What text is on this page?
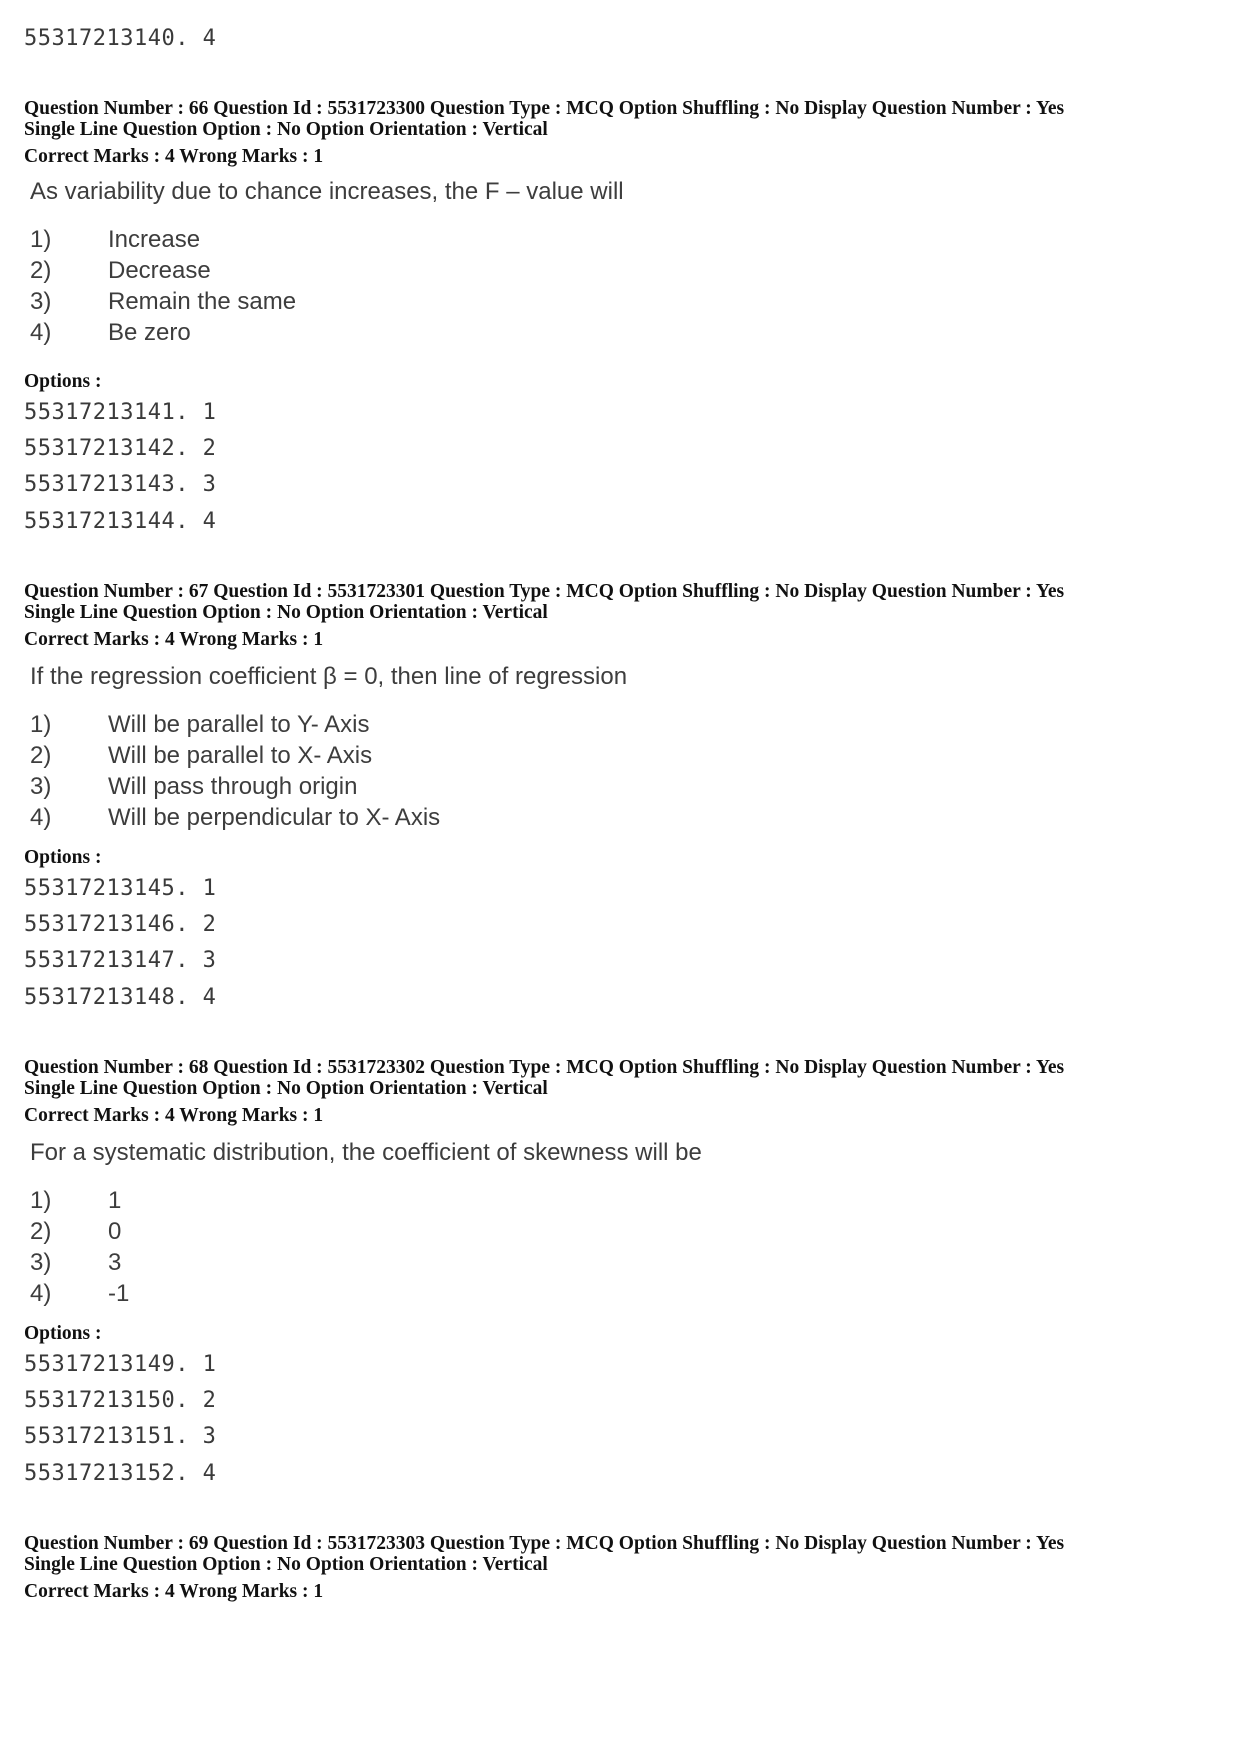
55317213140. 4
Question Number : 66 Question Id : 5531723300 Question Type : MCQ Option Shuffling : No Display Question Number : Yes
Single Line Question Option : No Option Orientation : Vertical
Correct Marks : 4 Wrong Marks : 1
As variability due to chance increases, the F – value will
1) Increase
2) Decrease
3) Remain the same
4) Be zero
Options :
55317213141. 1
55317213142. 2
55317213143. 3
55317213144. 4
Question Number : 67 Question Id : 5531723301 Question Type : MCQ Option Shuffling : No Display Question Number : Yes
Single Line Question Option : No Option Orientation : Vertical
Correct Marks : 4 Wrong Marks : 1
If the regression coefficient β = 0, then line of regression
1) Will be parallel to Y- Axis
2) Will be parallel to X- Axis
3) Will pass through origin
4) Will be perpendicular to X- Axis
Options :
55317213145. 1
55317213146. 2
55317213147. 3
55317213148. 4
Question Number : 68 Question Id : 5531723302 Question Type : MCQ Option Shuffling : No Display Question Number : Yes
Single Line Question Option : No Option Orientation : Vertical
Correct Marks : 4 Wrong Marks : 1
For a systematic distribution, the coefficient of skewness will be
1) 1
2) 0
3) 3
4) -1
Options :
55317213149. 1
55317213150. 2
55317213151. 3
55317213152. 4
Question Number : 69 Question Id : 5531723303 Question Type : MCQ Option Shuffling : No Display Question Number : Yes
Single Line Question Option : No Option Orientation : Vertical
Correct Marks : 4 Wrong Marks : 1
